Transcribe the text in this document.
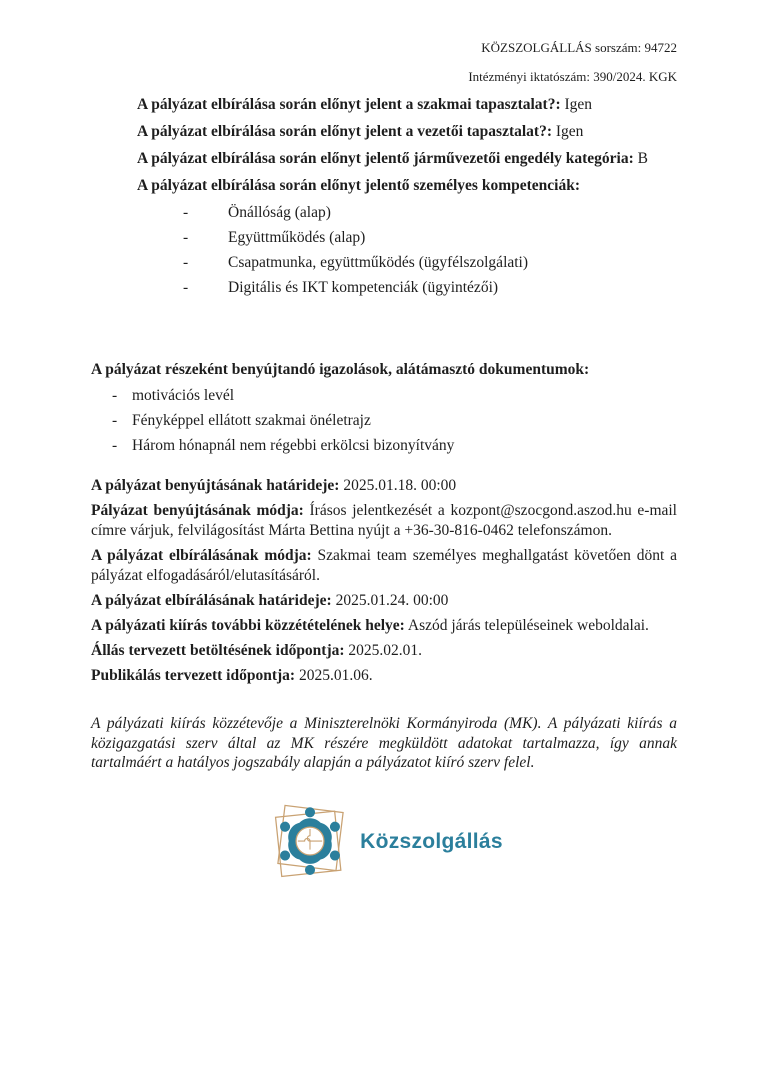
KÖZSZOLGÁLLÁS sorszám: 94722
Intézményi iktatószám: 390/2024. KGK

A pályázat elbírálása során előnyt jelent a szakmai tapasztalat?: Igen

A pályázat elbírálása során előnyt jelent a vezetői tapasztalat?: Igen

A pályázat elbírálása során előnyt jelentő járművezetői engedély kategória: B

A pályázat elbírálása során előnyt jelentő személyes kompetenciák:

-	Önállóság (alap)
-	Együttműködés (alap)
-	Csapatmunka, együttműködés (ügyfélszolgálati)
-	Digitális és IKT kompetenciák (ügyintézői)

A pályázat részeként benyújtandó igazolások, alátámasztó dokumentumok:

- motivációs levél
- Fényképpel ellátott szakmai önéletrajz
- Három hónapnál nem régebbi erkölcsi bizonyítvány

A pályázat benyújtásának határideje: 2025.01.18. 00:00

Pályázat benyújtásának módja: Írásos jelentkezését a kozpont@szocgond.aszod.hu e-mail címre várjuk, felvilágosítást Márta Bettina nyújt a +36-30-816-0462 telefonszámon.

A pályázat elbírálásának módja: Szakmai team személyes meghallgatást követően dönt a pályázat elfogadásáról/elutasításáról.

A pályázat elbírálásának határideje: 2025.01.24. 00:00

A pályázati kiírás további közzétételének helye: Aszód járás településeinek weboldalai.

Állás tervezett betöltésének időpontja: 2025.02.01.

Publikálás tervezett időpontja: 2025.01.06.

A pályázati kiírás közzétevője a Miniszterelnöki Kormányiroda (MK). A pályázati kiírás a közigazgatási szerv által az MK részére megküldött adatokat tartalmazza, így annak tartalmáért a hatályos jogszabály alapján a pályázatot kiíró szerv felel.

Közszolgállás
